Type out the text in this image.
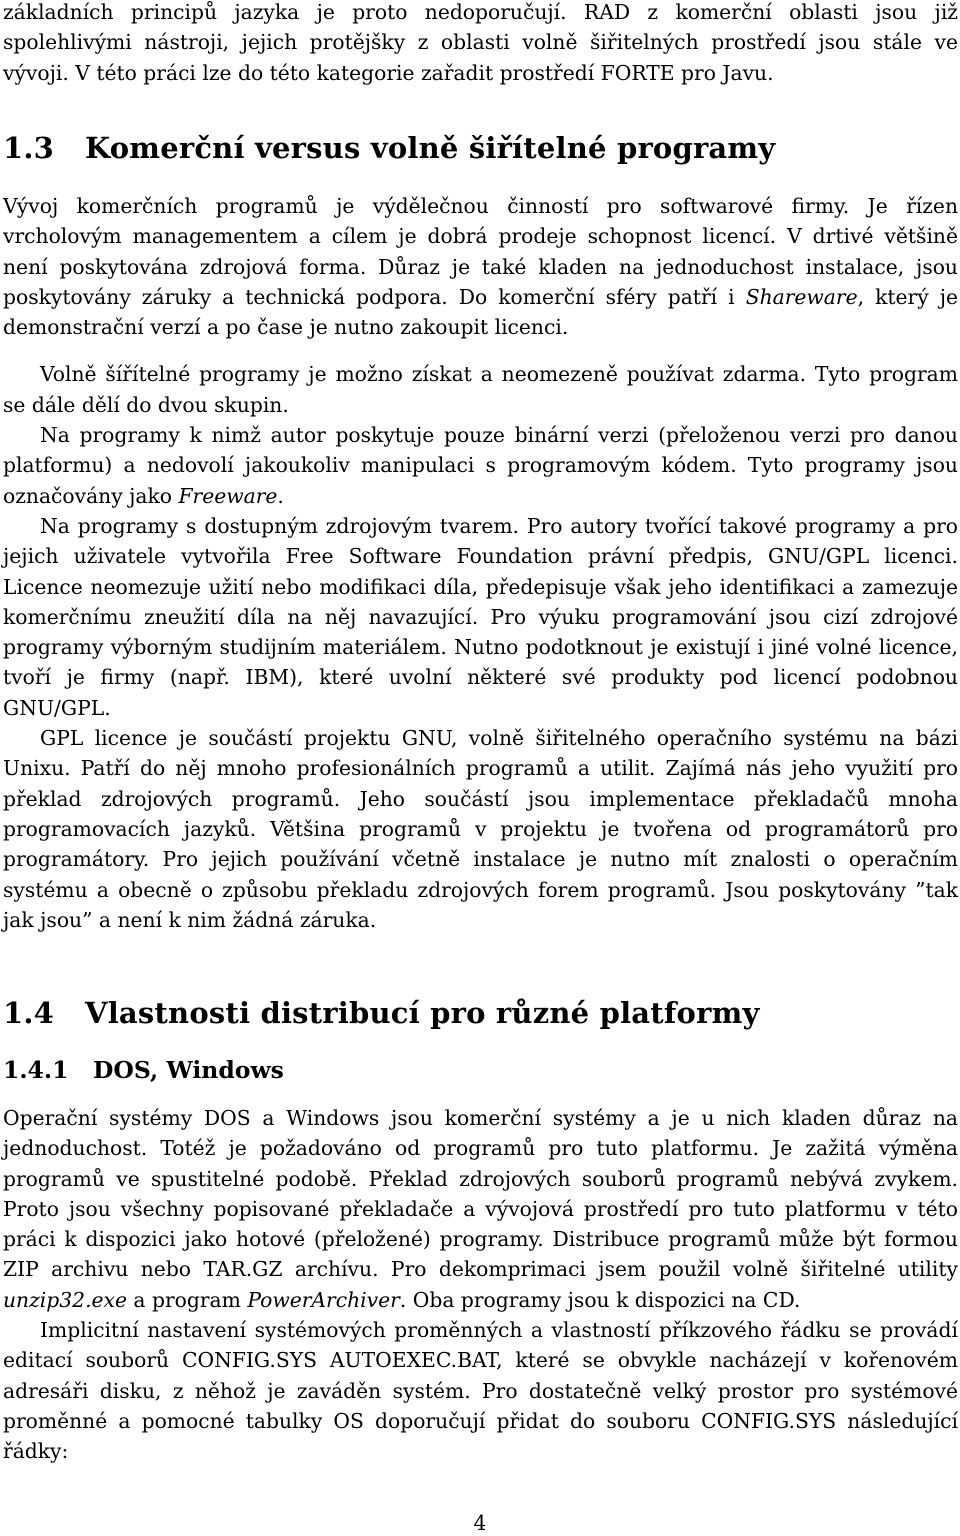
základních principů jazyka je proto nedoporučují. RAD z komerční oblasti jsou již spolehlivými nástroji, jejich protějšky z oblasti volně šiřitelných prostředí jsou stále ve vývoji. V této práci lze do této kategorie zařadit prostředí FORTE pro Javu.

1.3 Komerční versus volně šiřítelné programy

Vývoj komerčních programů je výdělečnou činností pro softwarové firmy. Je řízen vrcholovým managementem a cílem je dobrá prodeje schopnost licencí. V drtivé většině není poskytována zdrojová forma. Důraz je také kladen na jednoduchost instalace, jsou poskytovány záruky a technická podpora. Do komerční sféry patří i Shareware, který je demonstrační verzí a po čase je nutno zakoupit licenci.

Volně šířítelné programy je možno získat a neomezeně používat zdarma. Tyto program se dále dělí do dvou skupin.

Na programy k nimž autor poskytuje pouze binární verzi (přeloženou verzi pro danou platformu) a nedovolí jakoukoliv manipulaci s programovým kódem. Tyto programy jsou označovány jako Freeware.

Na programy s dostupným zdrojovým tvarem. Pro autory tvořící takové programy a pro jejich uživatele vytvořila Free Software Foundation právní předpis, GNU/GPL licenci. Licence neomezuje užití nebo modifikaci díla, předepisuje však jeho identifikaci a zamezuje komerčnímu zneužití díla na něj navazující. Pro výuku programování jsou cizí zdrojové programy výborným studijním materiálem. Nutno podotknout je existují i jiné volné licence, tvoří je firmy (např. IBM), které uvolní některé své produkty pod licencí podobnou GNU/GPL.

GPL licence je součástí projektu GNU, volně šiřitelného operačního systému na bázi Unixu. Patří do něj mnoho profesionálních programů a utilit. Zajímá nás jeho využití pro překlad zdrojových programů. Jeho součástí jsou implementace překladačů mnoha programovacích jazyků. Většina programů v projektu je tvořena od programátorů pro programátory. Pro jejich používání včetně instalace je nutno mít znalosti o operačním systému a obecně o způsobu překladu zdrojových forem programů. Jsou poskytovány ”tak jak jsou” a není k nim žádná záruka.

1.4 Vlastnosti distribucí pro různé platformy
1.4.1 DOS, Windows

Operační systémy DOS a Windows jsou komerční systémy a je u nich kladen důraz na jednoduchost. Totéž je požadováno od programů pro tuto platformu. Je zažitá výměna programů ve spustitelné podobě. Překlad zdrojových souborů programů nebývá zvykem. Proto jsou všechny popisované překladače a vývojová prostředí pro tuto platformu v této práci k dispozici jako hotové (přeložené) programy. Distribuce programů může být formou ZIP archivu nebo TAR.GZ archívu. Pro dekomprimaci jsem použil volně šiřitelné utility unzip32.exe a program PowerArchiver. Oba programy jsou k dispozici na CD.

Implicitní nastavení systémových proměnných a vlastností příkzového řádku se provádí editací souborů CONFIG.SYS AUTOEXEC.BAT, které se obvykle nacházejí v kořenovém adresáři disku, z něhož je zaváděn systém. Pro dostatečně velký prostor pro systémové proměnné a pomocné tabulky OS doporučují přidat do souboru CONFIG.SYS následující řádky:

4
